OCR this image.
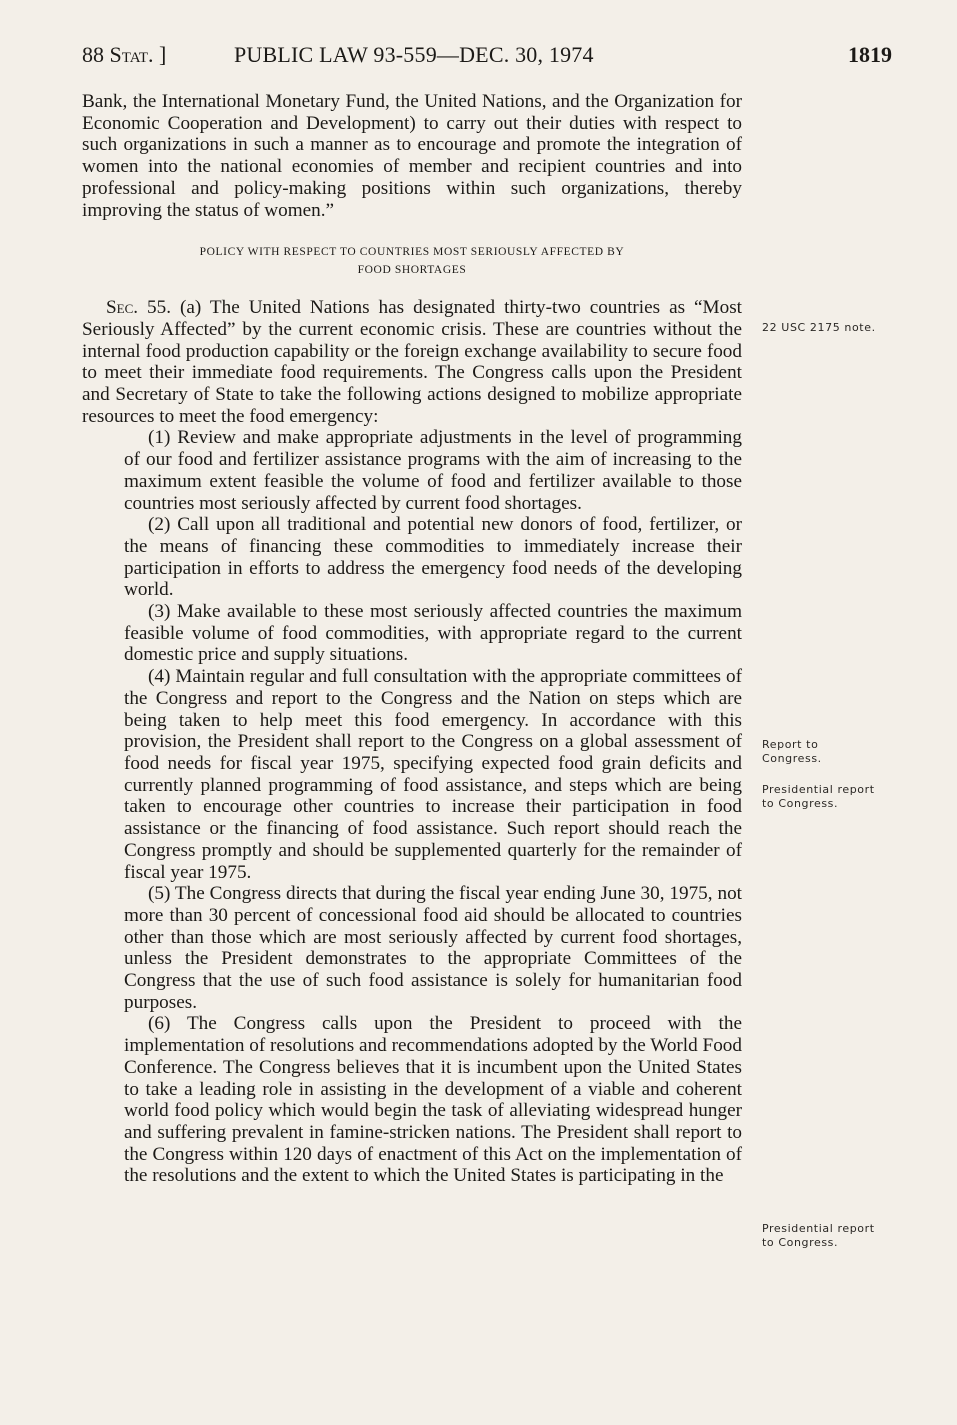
88 Stat. ]	PUBLIC LAW 93-559—DEC. 30, 1974	1819

Bank, the International Monetary Fund, the United Nations, and the Organization for Economic Cooperation and Development) to carry out their duties with respect to such organizations in such a manner as to encourage and promote the integration of women into the national economies of member and recipient countries and into professional and policy-making positions within such organizations, thereby improving the status of women.”

POLICY WITH RESPECT TO COUNTRIES MOST SERIOUSLY AFFECTED BY
FOOD SHORTAGES

Sec. 55. (a) The United Nations has designated thirty-two countries as “Most Seriously Affected” by the current economic crisis. These are countries without the internal food production capability or the foreign exchange availability to secure food to meet their immediate food requirements. The Congress calls upon the President and Secretary of State to take the following actions designed to mobilize appropriate resources to meet the food emergency:

(1) Review and make appropriate adjustments in the level of programming of our food and fertilizer assistance programs with the aim of increasing to the maximum extent feasible the volume of food and fertilizer available to those countries most seriously affected by current food shortages.

(2) Call upon all traditional and potential new donors of food, fertilizer, or the means of financing these commodities to immediately increase their participation in efforts to address the emergency food needs of the developing world.

(3) Make available to these most seriously affected countries the maximum feasible volume of food commodities, with appropriate regard to the current domestic price and supply situations.

(4) Maintain regular and full consultation with the appropriate committees of the Congress and report to the Congress and the Nation on steps which are being taken to help meet this food emergency. In accordance with this provision, the President shall report to the Congress on a global assessment of food needs for fiscal year 1975, specifying expected food grain deficits and currently planned programming of food assistance, and steps which are being taken to encourage other countries to increase their participation in food assistance or the financing of food assistance. Such report should reach the Congress promptly and should be supplemented quarterly for the remainder of fiscal year 1975.

(5) The Congress directs that during the fiscal year ending June 30, 1975, not more than 30 percent of concessional food aid should be allocated to countries other than those which are most seriously affected by current food shortages, unless the President demonstrates to the appropriate Committees of the Congress that the use of such food assistance is solely for humanitarian food purposes.

(6) The Congress calls upon the President to proceed with the implementation of resolutions and recommendations adopted by the World Food Conference. The Congress believes that it is incumbent upon the United States to take a leading role in assisting in the development of a viable and coherent world food policy which would begin the task of alleviating widespread hunger and suffering prevalent in famine-stricken nations. The President shall report to the Congress within 120 days of enactment of this Act on the implementation of the resolutions and the extent to which the United States is participating in the

22 USC 2175 note.
Report to Congress.
Presidential report to Congress.
Presidential report to Congress.
